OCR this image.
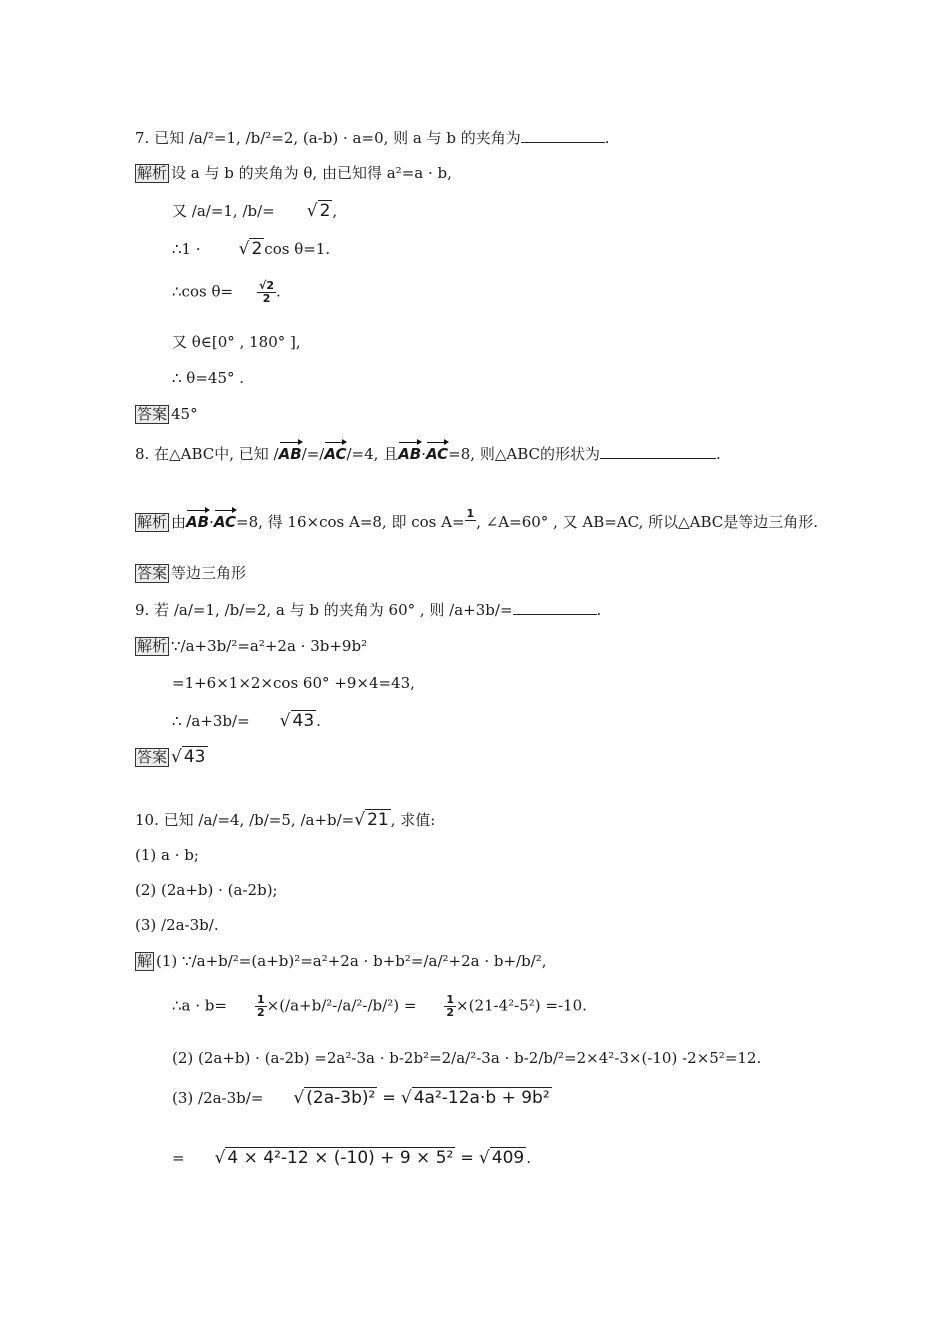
7. 已知 /a/²=1, /b/²=2, (a-b) · a=0, 则 a 与 b 的夹角为	.
解析 设 a 与 b 的夹角为 θ, 由已知得 a²=a · b,
又 /a/=1, /b/= √ 2 ,
∴1 · √ 2 cos θ=1.
∴cos $\theta= \frac{√2}{2}$ .
又 θ∈[0° , 180° ],
∴ θ=45° .
答案 45°
8. 在△ABC中, 已知 /AB/=/AC/=4, 且AB·AC=8, 则△ABC的形状为	.
解析 由AB·AC=8, 得 16×cos A=8, 即 cos A= 1 , ∠A=60° , 又 AB=AC, 所以△ABC是等边三角形.
答案 等边三角形
9. 若 /a/=1, /b/=2, a 与 b 的夹角为 60° , 则 /a+3b/=	.
解析 ∵/a+3b/²=a²+2a · 3b+9b²
=1+6×1×2×cos 60° +9×4=43,
∴ /a+3b/= √ 43 .
答案 √ 43
10. 已知 /a/=4, /b/=5, /a+b/=√ 21 , 求值:
(1) a · b;
(2) (2a+b) · (a-2b);
(3) /2a-3b/.
解 (1) ∵/a+b/²=(a+b)²=a²+2a · b+b²=/a/²+2a · b+/b/²,
∴a · b=	$\frac{1}{2} \times(/a+b/^2-/a/^2-/b/^2)$ =	$\frac{1}{2} \times(21-4^2-5^2) =-10$.
(2) (2a+b) · (a-2b) =2a²-3a · b-2b²=2/a/²-3a · b-2/b/²=2×4²-3×(-10) -2×5²=12.
(3) /2a-3b/= √ (2a-3b)² = √ 4a²-12a·b + 9b²
= √ 4 × 4²-12 × (-10) + 9 × 5² = √ 409 .
